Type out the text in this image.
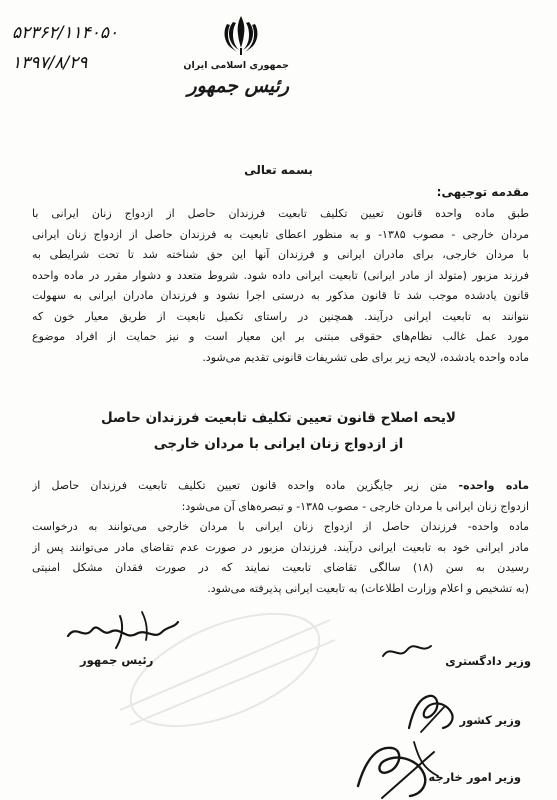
۵۲۳۶۲/۱۱۴۰۵۰
۱۳۹۷/۸/۲۹	جمهوری اسلامی ایران
رئیس جمهور
بسمه تعالی
مقدمه توجیهی:
طبق ماده واحده قانون تعیین تکلیف تابعیت فرزندان حاصل از ازدواج زنان ایرانی با
مردان خارجی - مصوب ۱۳۸۵- و به منظور اعطای تابعیت به فرزندان حاصل از ازدواج زنان ایرانی
با مردان خارجی، برای مادران ایرانی و فرزندان آنها این حق شناخته شد تا تحت شرایطی به
فرزند مزبور (متولد از مادر ایرانی) تابعیت ایرانی داده شود. شروط متعدد و دشوار مقرر در ماده واحده
قانون یادشده موجب شد تا قانون مذکور به درستی اجرا نشود و فرزندان مادران ایرانی به سهولت
نتوانند به تابعیت ایرانی درآیند. همچنین در راستای تکمیل تابعیت از طریق معیار خون که
مورد عمل غالب نظام‌های حقوقی مبتنی بر این معیار است و نیز حمایت از افراد موضوع
ماده واحده یادشده، لایحه زیر برای طی تشریفات قانونی تقدیم می‌شود.
لایحه اصلاح قانون تعیین تکلیف تابعیت فرزندان حاصل
از ازدواج زنان ایرانی با مردان خارجی
ماده واحده- متن زیر جایگزین ماده واحده قانون تعیین تکلیف تابعیت فرزندان حاصل از
ازدواج زنان ایرانی با مردان خارجی - مصوب ۱۳۸۵- و تبصره‌های آن می‌شود:
ماده واحده- فرزندان حاصل از ازدواج زنان ایرانی با مردان خارجی می‌توانند به درخواست
مادر ایرانی خود به تابعیت ایرانی درآیند. فرزندان مزبور در صورت عدم تقاضای مادر می‌توانند پس از
رسیدن به سن (۱۸) سالگی تقاضای تابعیت نمایند که در صورت فقدان مشکل امنیتی
(به تشخیص و اعلام وزارت اطلاعات) به تابعیت ایرانی پذیرفته می‌شود.
رئیس جمهور	وزیر دادگستری
وزیر کشور
وزیر امور خارجه
